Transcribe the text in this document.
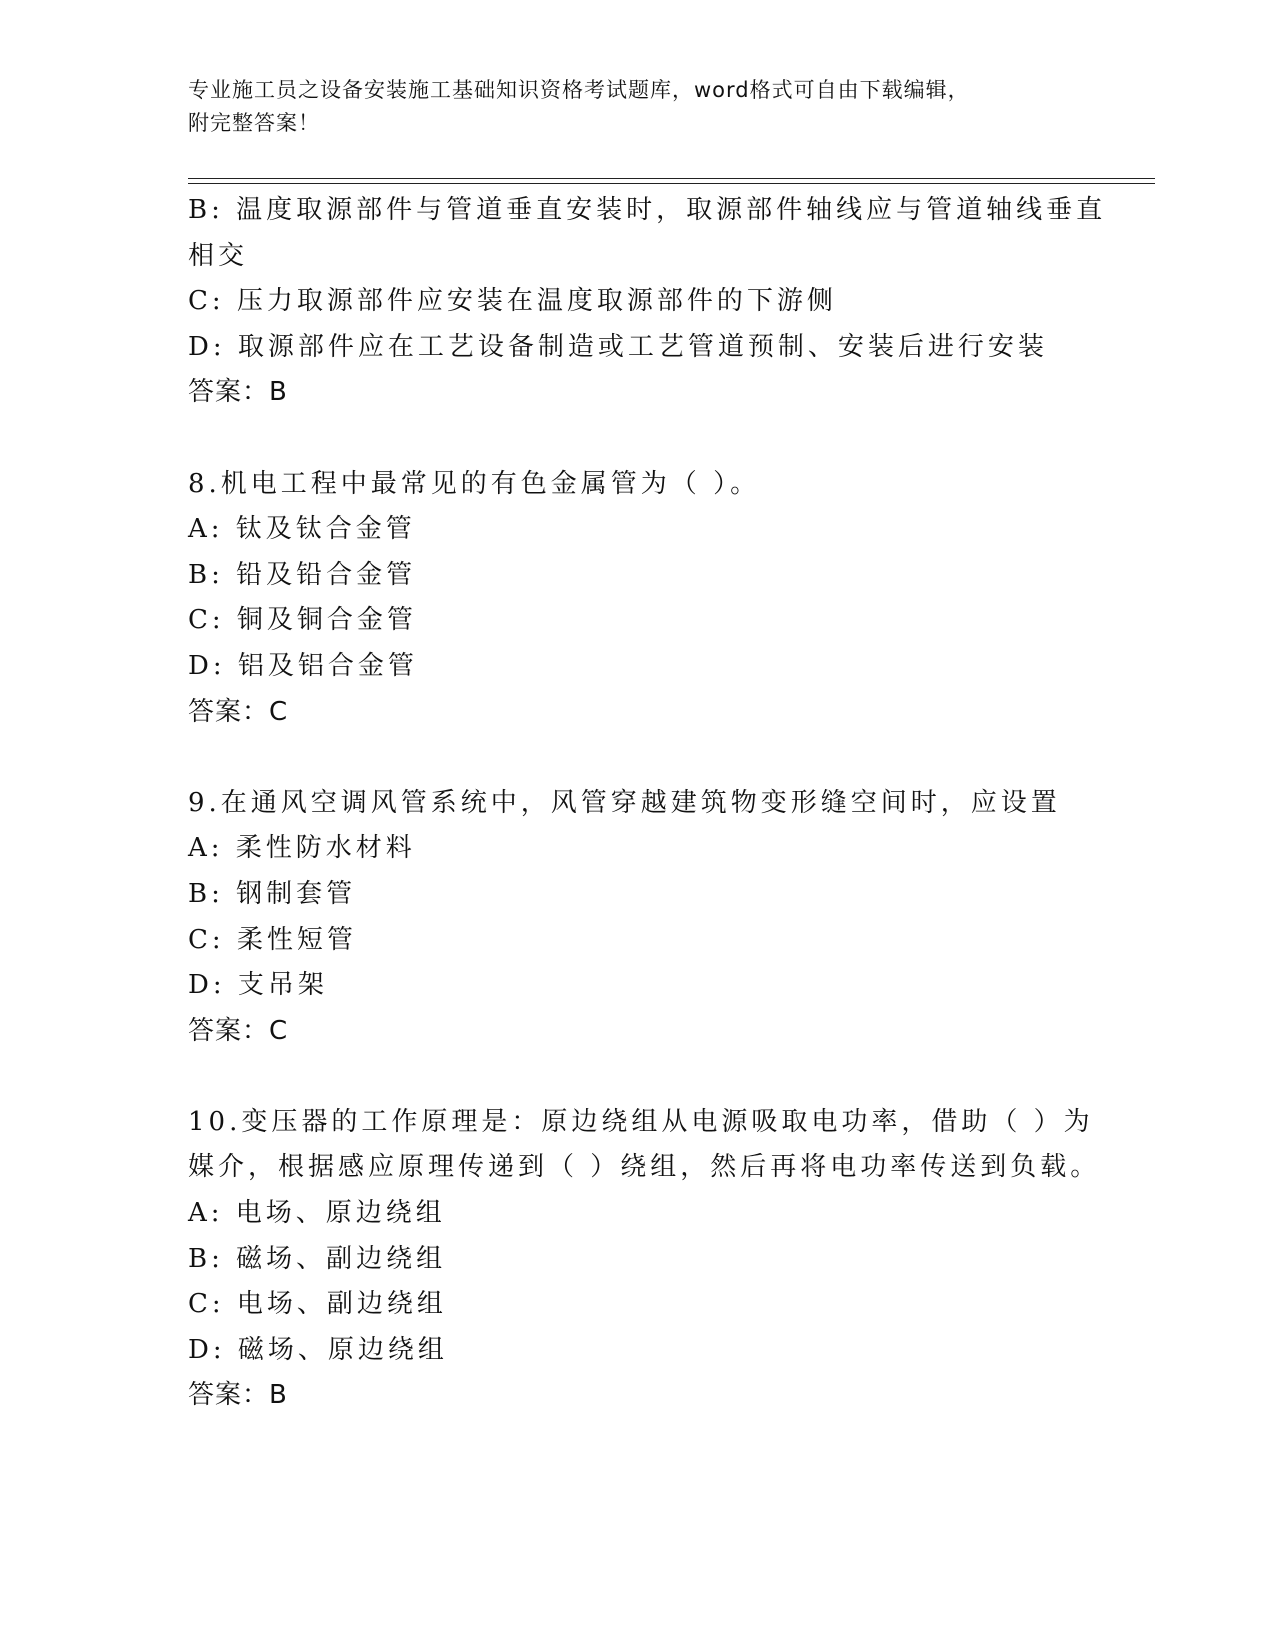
专业施工员之设备安装施工基础知识资格考试题库，word格式可自由下载编辑，
附完整答案！
B: 温度取源部件与管道垂直安装时，取源部件轴线应与管道轴线垂直
相交
C: 压力取源部件应安装在温度取源部件的下游侧
D: 取源部件应在工艺设备制造或工艺管道预制、安装后进行安装
答案：B
8.机电工程中最常见的有色金属管为（ ）。
A: 钛及钛合金管
B: 铅及铅合金管
C: 铜及铜合金管
D: 铝及铝合金管
答案：C
9.在通风空调风管系统中，风管穿越建筑物变形缝空间时，应设置
A: 柔性防水材料
B: 钢制套管
C: 柔性短管
D: 支吊架
答案：C
10.变压器的工作原理是：原边绕组从电源吸取电功率，借助（ ）为
媒介，根据感应原理传递到（ ）绕组，然后再将电功率传送到负载。
A: 电场、原边绕组
B: 磁场、副边绕组
C: 电场、副边绕组
D: 磁场、原边绕组
答案：B
